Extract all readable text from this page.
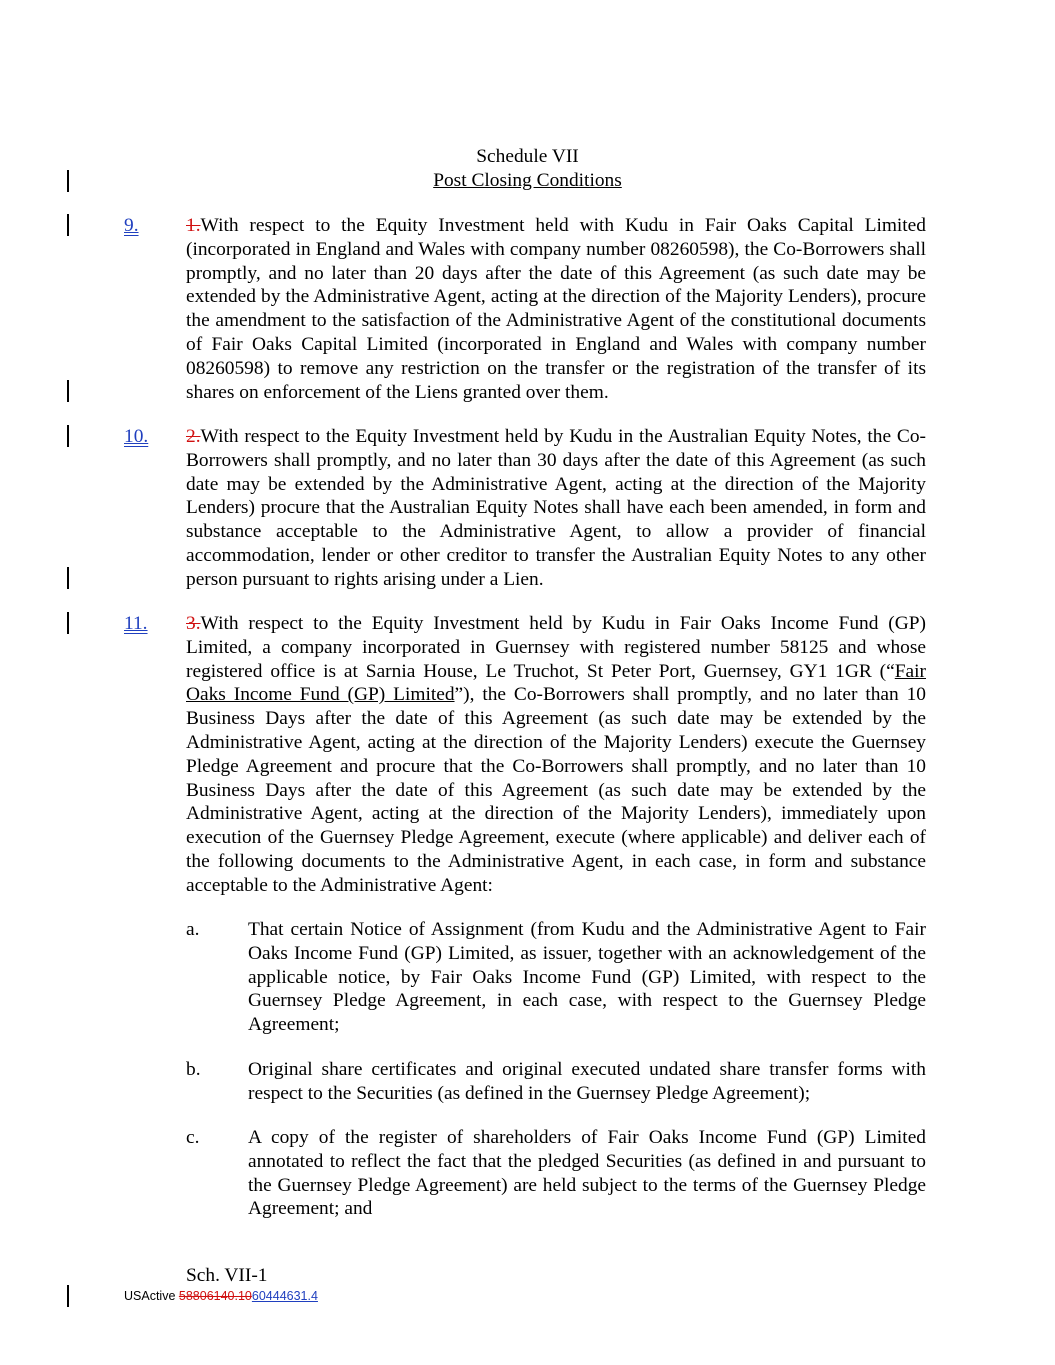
Schedule VII
Post Closing Conditions
9. 1.With respect to the Equity Investment held with Kudu in Fair Oaks Capital Limited (incorporated in England and Wales with company number 08260598), the Co-Borrowers shall promptly, and no later than 20 days after the date of this Agreement (as such date may be extended by the Administrative Agent, acting at the direction of the Majority Lenders), procure the amendment to the satisfaction of the Administrative Agent of the constitutional documents of Fair Oaks Capital Limited (incorporated in England and Wales with company number 08260598) to remove any restriction on the transfer or the registration of the transfer of its shares on enforcement of the Liens granted over them.
10. 2.With respect to the Equity Investment held by Kudu in the Australian Equity Notes, the Co- Borrowers shall promptly, and no later than 30 days after the date of this Agreement (as such date may be extended by the Administrative Agent, acting at the direction of the Majority Lenders) procure that the Australian Equity Notes shall have each been amended, in form and substance acceptable to the Administrative Agent, to allow a provider of financial accommodation, lender or other creditor to transfer the Australian Equity Notes to any other person pursuant to rights arising under a Lien.
11. 3.With respect to the Equity Investment held by Kudu in Fair Oaks Income Fund (GP) Limited, a company incorporated in Guernsey with registered number 58125 and whose registered office is at Sarnia House, Le Truchot, St Peter Port, Guernsey, GY1 1GR (“Fair Oaks Income Fund (GP) Limited”), the Co-Borrowers shall promptly, and no later than 10 Business Days after the date of this Agreement (as such date may be extended by the Administrative Agent, acting at the direction of the Majority Lenders) execute the Guernsey Pledge Agreement and procure that the Co-Borrowers shall promptly, and no later than 10 Business Days after the date of this Agreement (as such date may be extended by the Administrative Agent, acting at the direction of the Majority Lenders), immediately upon execution of the Guernsey Pledge Agreement, execute (where applicable) and deliver each of the following documents to the Administrative Agent, in each case, in form and substance acceptable to the Administrative Agent:
a.	That certain Notice of Assignment (from Kudu and the Administrative Agent to Fair Oaks Income Fund (GP) Limited, as issuer, together with an acknowledgement of the applicable notice, by Fair Oaks Income Fund (GP) Limited, with respect to the Guernsey Pledge Agreement, in each case, with respect to the Guernsey Pledge Agreement;
b. Original share certificates and original executed undated share transfer forms with respect to the Securities (as defined in the Guernsey Pledge Agreement);
c.	A copy of the register of shareholders of Fair Oaks Income Fund (GP) Limited annotated to reflect the fact that the pledged Securities (as defined in and pursuant to the Guernsey Pledge Agreement) are held subject to the terms of the Guernsey Pledge Agreement; and
Sch. VII-1
USActive 58806140.1060444631.4
